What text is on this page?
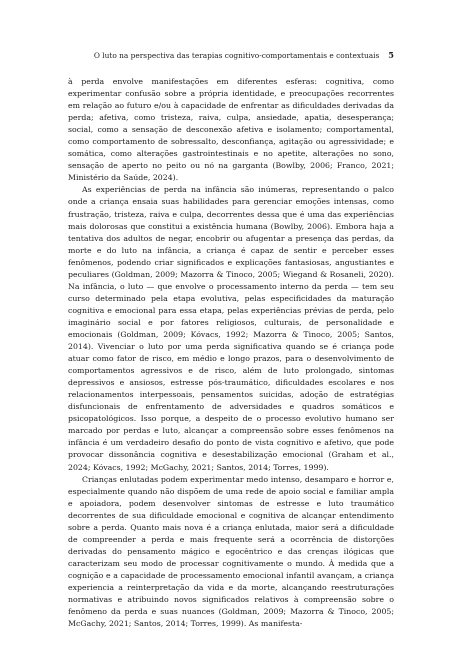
O luto na perspectiva das terapias cognitivo-comportamentais e contextuais 5

à perda envolve manifestações em diferentes esferas: cognitiva, como experimentar confusão sobre a própria identidade, e preocupações recorrentes em relação ao futuro e/ou à capacidade de enfrentar as dificuldades derivadas da perda; afetiva, como tristeza, raiva, culpa, ansiedade, apatia, desesperança; social, como a sensação de desconexão afetiva e isolamento; comportamental, como comportamento de sobressalto, desconfiança, agitação ou agressividade; e somática, como alterações gastrointestinais e no apetite, alterações no sono, sensação de aperto no peito ou nó na garganta (Bowlby, 2006; Franco, 2021; Ministério da Saúde, 2024).

As experiências de perda na infância são inúmeras, representando o palco onde a criança ensaia suas habilidades para gerenciar emoções intensas, como frustração, tristeza, raiva e culpa, decorrentes dessa que é uma das experiências mais dolorosas que constitui a existência humana (Bowlby, 2006). Embora haja a tentativa dos adultos de negar, encobrir ou afugentar a presença das perdas, da morte e do luto na infância, a criança é capaz de sentir e perceber esses fenômenos, podendo criar significados e explicações fantasiosas, angustiantes e peculiares (Goldman, 2009; Mazorra & Tinoco, 2005; Wiegand & Rosaneli, 2020). Na infância, o luto — que envolve o processamento interno da perda — tem seu curso determinado pela etapa evolutiva, pelas especificidades da maturação cognitiva e emocional para essa etapa, pelas experiências prévias de perda, pelo imaginário social e por fatores religiosos, culturais, de personalidade e emocionais (Goldman, 2009; Kóvacs, 1992; Mazorra & Tinoco, 2005; Santos, 2014). Vivenciar o luto por uma perda significativa quando se é criança pode atuar como fator de risco, em médio e longo prazos, para o desenvolvimento de comportamentos agressivos e de risco, além de luto prolongado, sintomas depressivos e ansiosos, estresse pós-traumático, dificuldades escolares e nos relacionamentos interpessoais, pensamentos suicidas, adoção de estratégias disfuncionais de enfrentamento de adversidades e quadros somáticos e psicopatológicos. Isso porque, a despeito de o processo evolutivo humano ser marcado por perdas e luto, alcançar a compreensão sobre esses fenômenos na infância é um verdadeiro desafio do ponto de vista cognitivo e afetivo, que pode provocar dissonância cognitiva e desestabilização emocional (Graham et al., 2024; Kóvacs, 1992; McGachy, 2021; Santos, 2014; Torres, 1999).

Crianças enlutadas podem experimentar medo intenso, desamparo e horror e, especialmente quando não dispõem de uma rede de apoio social e familiar ampla e apoiadora, podem desenvolver sintomas de estresse e luto traumático decorrentes de sua dificuldade emocional e cognitiva de alcançar entendimento sobre a perda. Quanto mais nova é a criança enlutada, maior será a dificuldade de compreender a perda e mais frequente será a ocorrência de distorções derivadas do pensamento mágico e egocêntrico e das crenças ilógicas que caracterizam seu modo de processar cognitivamente o mundo. À medida que a cognição e a capacidade de processamento emocional infantil avançam, a criança experiencia a reinterpretação da vida e da morte, alcançando reestruturações normativas e atribuindo novos significados relativos à compreensão sobre o fenômeno da perda e suas nuances (Goldman, 2009; Mazorra & Tinoco, 2005; McGachy, 2021; Santos, 2014; Torres, 1999). As manifesta-
